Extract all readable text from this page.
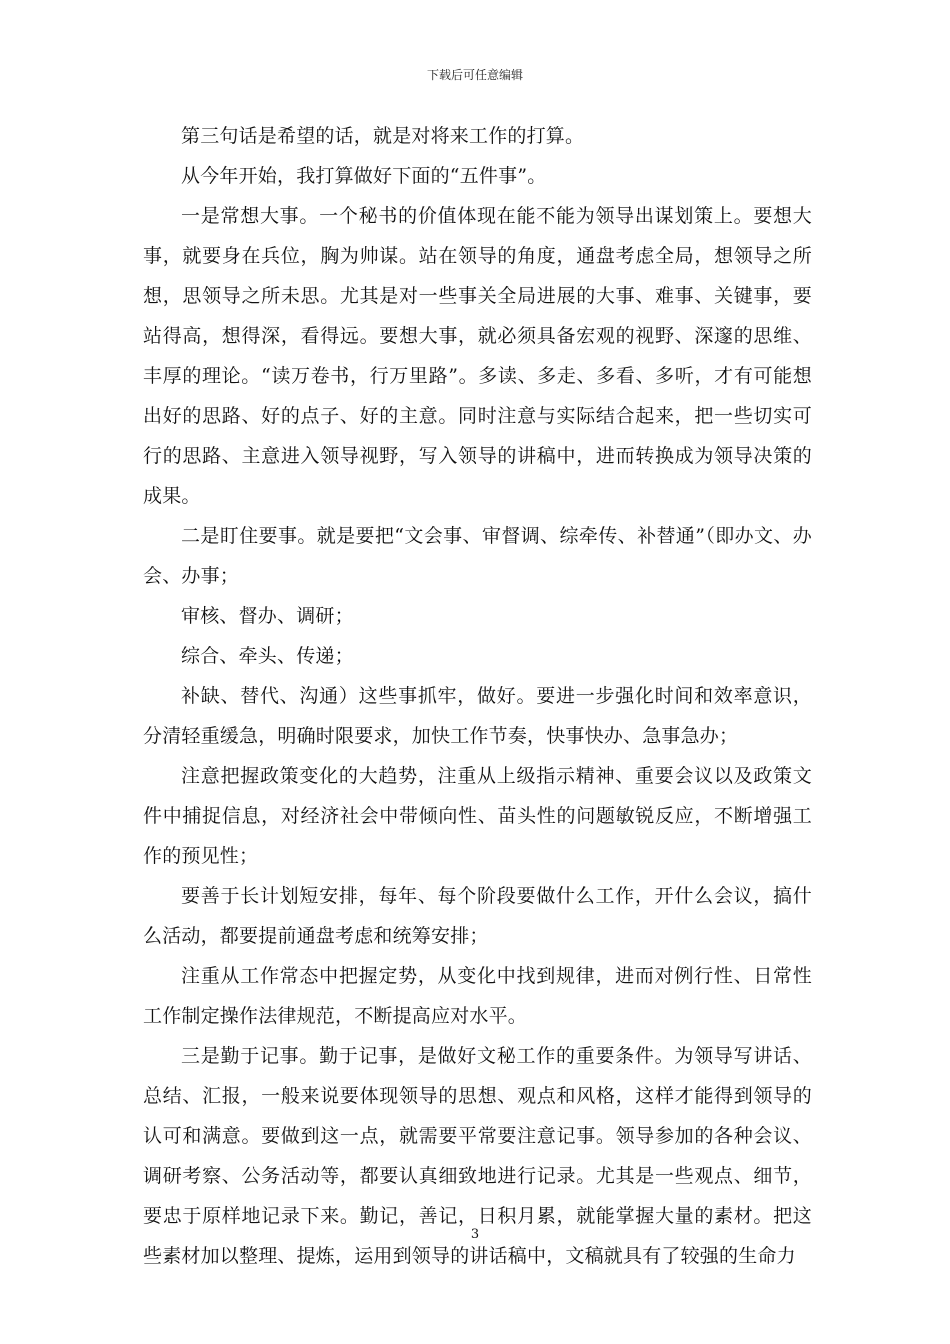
下载后可任意编辑

第三句话是希望的话，就是对将来工作的打算。

从今年开始，我打算做好下面的“五件事”。

一是常想大事。一个秘书的价值体现在能不能为领导出谋划策上。要想大事，就要身在兵位，胸为帅谋。站在领导的角度，通盘考虑全局，想领导之所想，思领导之所未思。尤其是对一些事关全局进展的大事、难事、关键事，要站得高，想得深，看得远。要想大事，就必须具备宏观的视野、深邃的思维、丰厚的理论。“读万卷书，行万里路”。多读、多走、多看、多听，才有可能想出好的思路、好的点子、好的主意。同时注意与实际结合起来，把一些切实可行的思路、主意进入领导视野，写入领导的讲稿中，进而转换成为领导决策的成果。

二是盯住要事。就是要把“文会事、审督调、综牵传、补替通”（即办文、办会、办事；

审核、督办、调研；

综合、牵头、传递；

补缺、替代、沟通）这些事抓牢，做好。要进一步强化时间和效率意识，分清轻重缓急，明确时限要求，加快工作节奏，快事快办、急事急办；

注意把握政策变化的大趋势，注重从上级指示精神、重要会议以及政策文件中捕捉信息，对经济社会中带倾向性、苗头性的问题敏锐反应，不断增强工作的预见性；

要善于长计划短安排，每年、每个阶段要做什么工作，开什么会议，搞什么活动，都要提前通盘考虑和统筹安排；

注重从工作常态中把握定势，从变化中找到规律，进而对例行性、日常性工作制定操作法律规范，不断提高应对水平。

三是勤于记事。勤于记事，是做好文秘工作的重要条件。为领导写讲话、总结、汇报，一般来说要体现领导的思想、观点和风格，这样才能得到领导的认可和满意。要做到这一点，就需要平常要注意记事。领导参加的各种会议、调研考察、公务活动等，都要认真细致地进行记录。尤其是一些观点、细节，要忠于原样地记录下来。勤记，善记，日积月累，就能掌握大量的素材。把这些素材加以整理、提炼，运用到领导的讲话稿中，文稿就具有了较强的生命力

3
